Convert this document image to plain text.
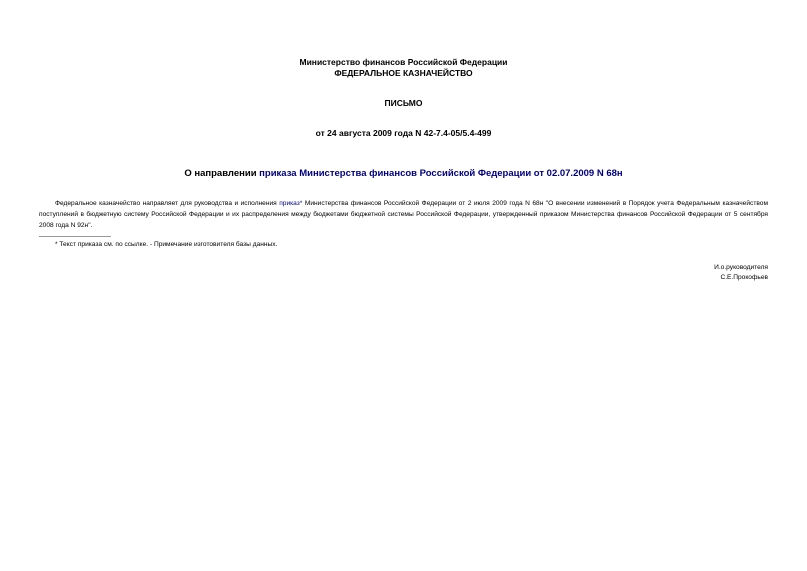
Министерство финансов Российской Федерации
ФЕДЕРАЛЬНОЕ КАЗНАЧЕЙСТВО
ПИСЬМО
от 24 августа 2009 года N 42-7.4-05/5.4-499
О направлении приказа Министерства финансов Российской Федерации от 02.07.2009 N 68н
Федеральное казначейство направляет для руководства и исполнения приказ* Министерства финансов Российской Федерации от 2 июля 2009 года N 68н "О внесении изменений в Порядок учета Федеральным казначейством поступлений в бюджетную систему Российской Федерации и их распределения между бюджетами бюджетной системы Российской Федерации, утвержденный приказом Министерства финансов Российской Федерации от 5 сентября 2008 года N 92н".
* Текст приказа см. по ссылке. - Примечание изготовителя базы данных.
И.о.руководителя
С.Е.Прокофьев
